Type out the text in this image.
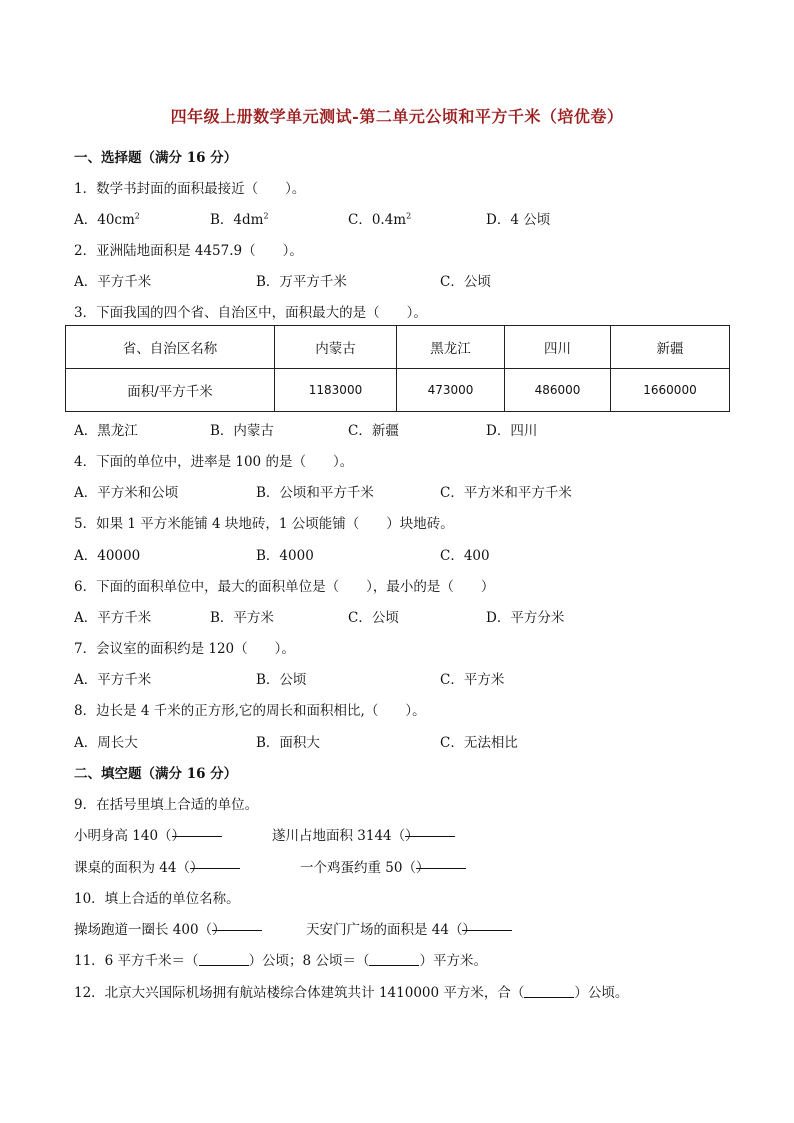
四年级上册数学单元测试-第二单元公顷和平方千米（培优卷）
一、选择题（满分 16 分）
1．数学书封面的面积最接近（　　）。
A．$40cm^2$	B．$4dm^2$	C．$0.4m^2$	D．4 公顷
2．亚洲陆地面积是 4457.9（　　）。
A．平方千米	B．万平方千米	C．公顷
3．下面我国的四个省、自治区中，面积最大的是（　　）。
省、自治区名称	内蒙古	黑龙江	四川	新疆
面积/平方千米	1183000	473000	486000	1660000
A．黑龙江	B．内蒙古	C．新疆	D．四川
4．下面的单位中，进率是 100 的是（　　）。
A．平方米和公顷	B．公顷和平方千米	C．平方米和平方千米
5．如果 1 平方米能铺 4 块地砖，1 公顷能铺（　　）块地砖。
A．40000	B．4000	C．400
6．下面的面积单位中，最大的面积单位是（　　），最小的是（　　）
A．平方千米	B．平方米	C．公顷	D．平方分米
7．会议室的面积约是 120（　　）。
A．平方千米	B．公顷	C．平方米
8．边长是 4 千米的正方形,它的周长和面积相比,（　　）。
A．周长大	B．面积大	C．无法相比
二、填空题（满分 16 分）
9．在括号里填上合适的单位。
小明身高 140（
）	遂川占地面积 3144（
）
课桌的面积为 44（
）	一个鸡蛋约重 50（
）
10．填上合适的单位名称。
操场跑道一圈长 400（
）	天安门广场的面积是 44（
）
11．6 平方千米＝（	）公顷；8 公顷＝（	）平方米。
12．北京大兴国际机场拥有航站楼综合体建筑共计 1410000 平方米，合（	）公顷。
